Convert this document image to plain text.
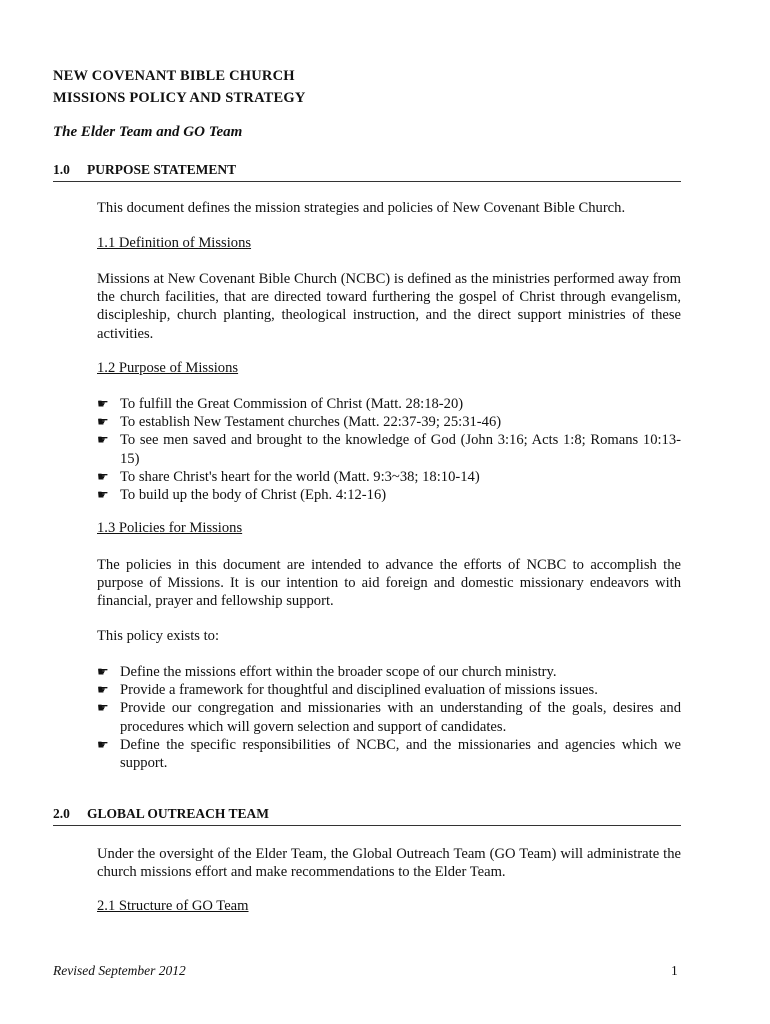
NEW COVENANT BIBLE CHURCH
MISSIONS POLICY AND STRATEGY
The Elder Team and GO Team
1.0 PURPOSE STATEMENT
This document defines the mission strategies and policies of New Covenant Bible Church.
1.1 Definition of Missions
Missions at New Covenant Bible Church (NCBC) is defined as the ministries performed away from the church facilities, that are directed toward furthering the gospel of Christ through evangelism, discipleship, church planting, theological instruction, and the direct support ministries of these activities.
1.2 Purpose of Missions
☛ To fulfill the Great Commission of Christ (Matt. 28:18-20)
☛ To establish New Testament churches (Matt. 22:37-39; 25:31-46)
☛ To see men saved and brought to the knowledge of God (John 3:16; Acts 1:8; Romans 10:13-15)
☛ To share Christ's heart for the world (Matt. 9:3~38; 18:10-14)
☛ To build up the body of Christ (Eph. 4:12-16)
1.3 Policies for Missions
The policies in this document are intended to advance the efforts of NCBC to accomplish the purpose of Missions. It is our intention to aid foreign and domestic missionary endeavors with financial, prayer and fellowship support.
This policy exists to:
☛ Define the missions effort within the broader scope of our church ministry.
☛ Provide a framework for thoughtful and disciplined evaluation of missions issues.
☛ Provide our congregation and missionaries with an understanding of the goals, desires and procedures which will govern selection and support of candidates.
☛ Define the specific responsibilities of NCBC, and the missionaries and agencies which we support.
2.0 GLOBAL OUTREACH TEAM
Under the oversight of the Elder Team, the Global Outreach Team (GO Team) will administrate the church missions effort and make recommendations to the Elder Team.
2.1 Structure of GO Team
Revised September 2012	1
